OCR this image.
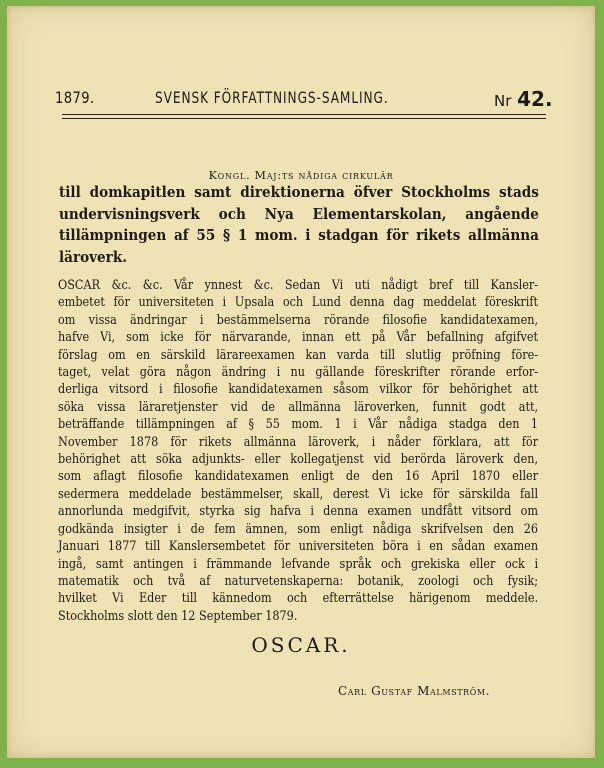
1879.	SVENSK FÖRFATTNINGS-SAMLING.	Nr 42.
Kongl. Maj:ts nådiga cirkulär
till domkapitlen samt direktionerna öfver Stockholms stads undervisningsverk och Nya Elementarskolan, angående tillämpningen af 55 § 1 mom. i stadgan för rikets allmänna läroverk.
OSCAR &c. &c. Vår ynnest &c. Sedan Vi uti nådigt bref till Kansler-
embetet för universiteten i Upsala och Lund denna dag meddelat föreskrift
om vissa ändringar i bestämmelserna rörande filosofie kandidatexamen,
hafve Vi, som icke för närvarande, innan ett på Vår befallning afgifvet
förslag om en särskild lärareexamen kan varda till slutlig pröfning före-
taget, velat göra någon ändring i nu gällande föreskrifter rörande erfor-
derliga vitsord i filosofie kandidatexamen såsom vilkor för behörighet att
söka vissa läraretjenster vid de allmänna läroverken, funnit godt att,
beträffande tillämpningen af § 55 mom. 1 i Vår nådiga stadga den 1
November 1878 för rikets allmänna läroverk, i nåder förklara, att för
behörighet att söka adjunkts- eller kollegatjenst vid berörda läroverk den,
som aflagt filosofie kandidatexamen enligt de den 16 April 1870 eller
sedermera meddelade bestämmelser, skall, derest Vi icke för särskilda fall
annorlunda medgifvit, styrka sig hafva i denna examen undfått vitsord om
godkända insigter i de fem ämnen, som enligt nådiga skrifvelsen den 26
Januari 1877 till Kanslersembetet för universiteten böra i en sådan examen
ingå, samt antingen i främmande lefvande språk och grekiska eller ock i
matematik och två af naturvetenskaperna: botanik, zoologi och fysik;
hvilket Vi Eder till kännedom och efterrättelse härigenom meddele.
Stockholms slott den 12 September 1879.
OSCAR.
Carl Gustaf Malmström.
